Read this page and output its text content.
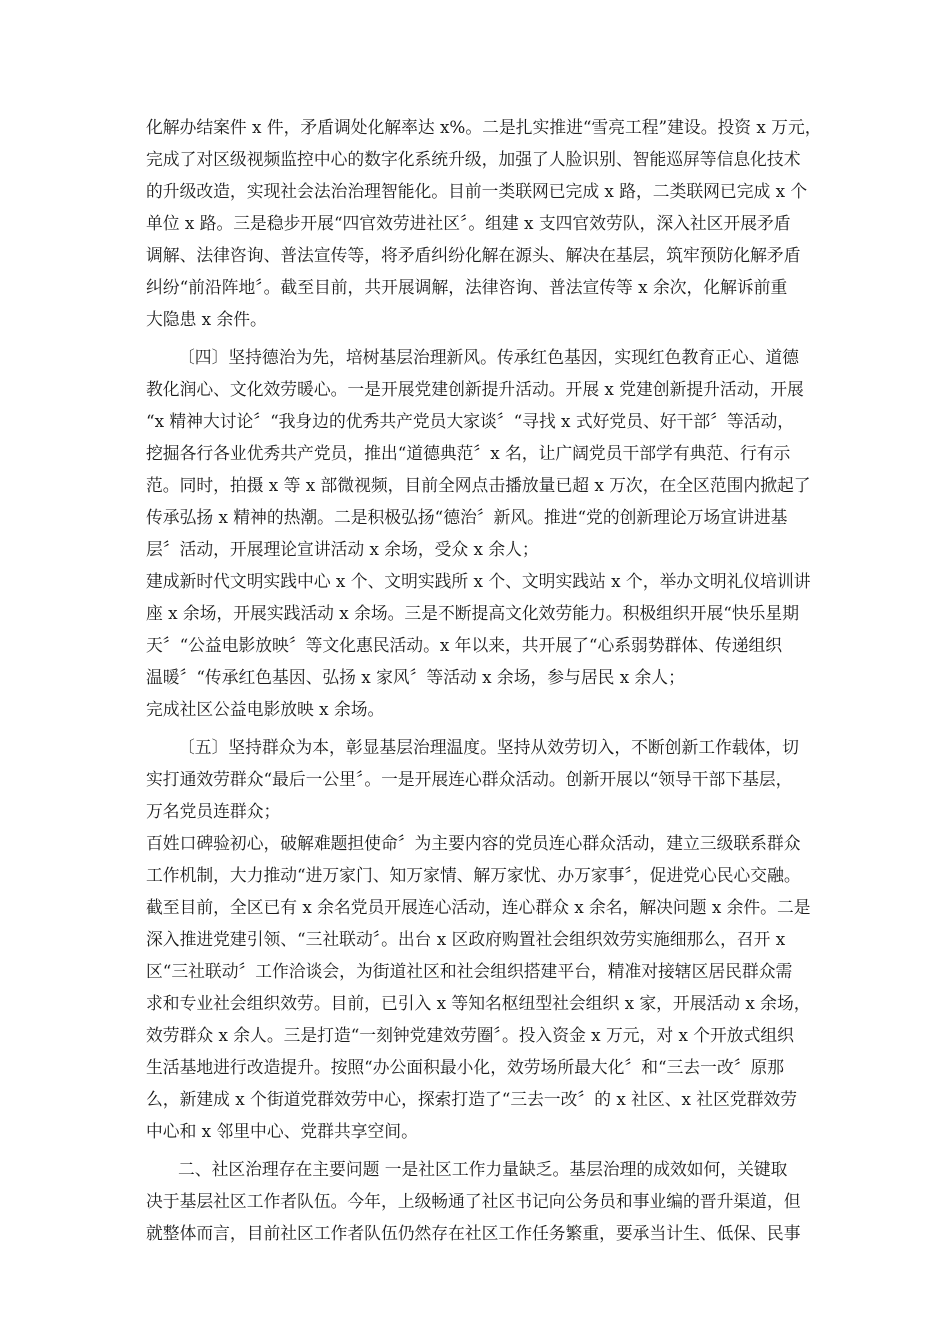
化解办结案件 x 件，矛盾调处化解率达 x%。二是扎实推进“雪亮工程”建设。投资 x 万元，

完成了对区级视频监控中心的数字化系统升级，加强了人脸识别、智能巡屏等信息化技术

的升级改造，实现社会法治治理智能化。目前一类联网已完成 x 路，二类联网已完成 x 个

单位 x 路。三是稳步开展“四官效劳进社区〞。组建 x 支四官效劳队，深入社区开展矛盾

调解、法律咨询、普法宣传等，将矛盾纠纷化解在源头、解决在基层，筑牢预防化解矛盾

纠纷“前沿阵地〞。截至目前，共开展调解，法律咨询、普法宣传等 x 余次，化解诉前重

大隐患 x 余件。

〔四〕坚持德治为先，培树基层治理新风。传承红色基因，实现红色教育正心、道德

教化润心、文化效劳暖心。一是开展党建创新提升活动。开展 x 党建创新提升活动，开展

“x 精神大讨论〞“我身边的优秀共产党员大家谈〞“寻找 x 式好党员、好干部〞等活动，

挖掘各行各业优秀共产党员，推出“道德典范〞x 名，让广阔党员干部学有典范、行有示

范。同时，拍摄 x 等 x 部微视频，目前全网点击播放量已超 x 万次，在全区范围内掀起了

传承弘扬 x 精神的热潮。二是积极弘扬“德治〞新风。推进“党的创新理论万场宣讲进基

层〞活动，开展理论宣讲活动 x 余场，受众 x 余人；

建成新时代文明实践中心 x 个、文明实践所 x 个、文明实践站 x 个，举办文明礼仪培训讲

座 x 余场，开展实践活动 x 余场。三是不断提高文化效劳能力。积极组织开展“快乐星期

天〞“公益电影放映〞等文化惠民活动。x 年以来，共开展了“心系弱势群体、传递组织

温暖〞“传承红色基因、弘扬 x 家风〞等活动 x 余场，参与居民 x 余人；

完成社区公益电影放映 x 余场。

〔五〕坚持群众为本，彰显基层治理温度。坚持从效劳切入，不断创新工作载体，切

实打通效劳群众“最后一公里〞。一是开展连心群众活动。创新开展以“领导干部下基层，

万名党员连群众；

百姓口碑验初心，破解难题担使命〞为主要内容的党员连心群众活动，建立三级联系群众

工作机制，大力推动“进万家门、知万家情、解万家忧、办万家事〞，促进党心民心交融。

截至目前，全区已有 x 余名党员开展连心活动，连心群众 x 余名，解决问题 x 余件。二是

深入推进党建引领、“三社联动〞。出台 x 区政府购置社会组织效劳实施细那么，召开 x

区“三社联动〞工作洽谈会，为街道社区和社会组织搭建平台，精准对接辖区居民群众需

求和专业社会组织效劳。目前，已引入 x 等知名枢纽型社会组织 x 家，开展活动 x 余场，

效劳群众 x 余人。三是打造“一刻钟党建效劳圈〞。投入资金 x 万元，对 x 个开放式组织

生活基地进行改造提升。按照“办公面积最小化，效劳场所最大化〞和“三去一改〞原那

么，新建成 x 个街道党群效劳中心，探索打造了“三去一改〞的 x 社区、x 社区党群效劳

中心和 x 邻里中心、党群共享空间。

二、社区治理存在主要问题 一是社区工作力量缺乏。基层治理的成效如何，关键取

决于基层社区工作者队伍。今年，上级畅通了社区书记向公务员和事业编的晋升渠道，但

就整体而言，目前社区工作者队伍仍然存在社区工作任务繁重，要承当计生、低保、民事
